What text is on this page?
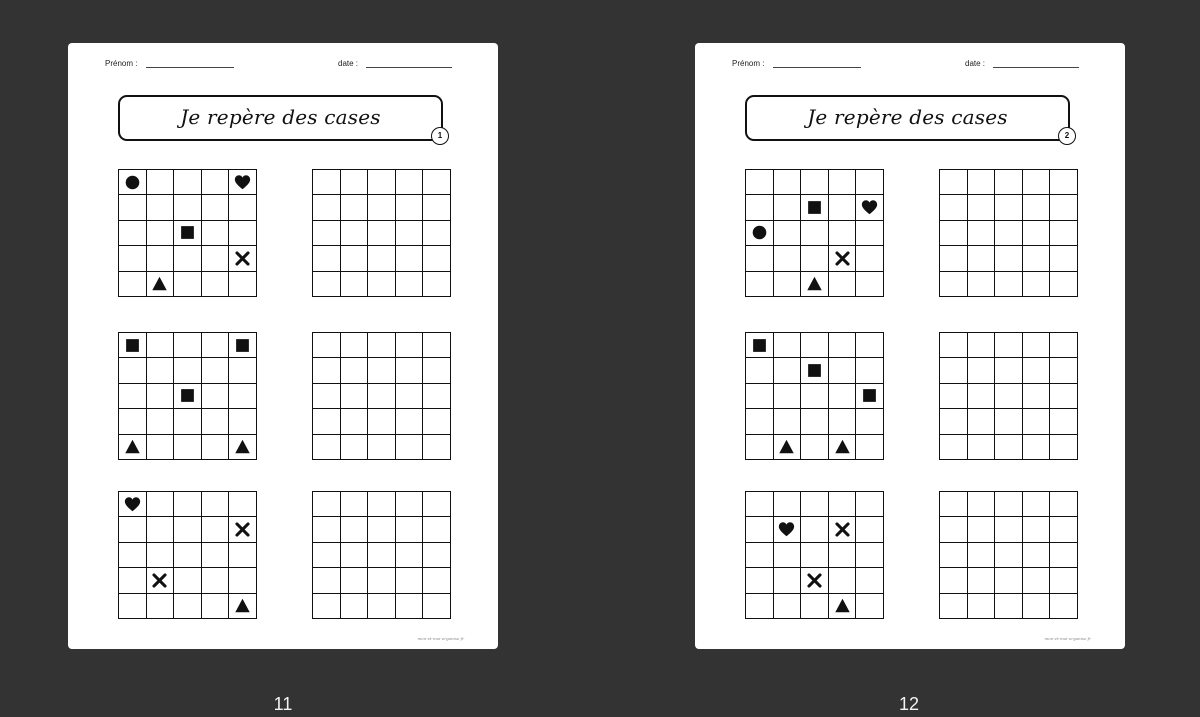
Prénom :	date :
Je repère des cases
1
mon-et-moi-organise.fr
Prénom :	date :
Je repère des cases
2
mon-et-moi-organise.fr
11	12
